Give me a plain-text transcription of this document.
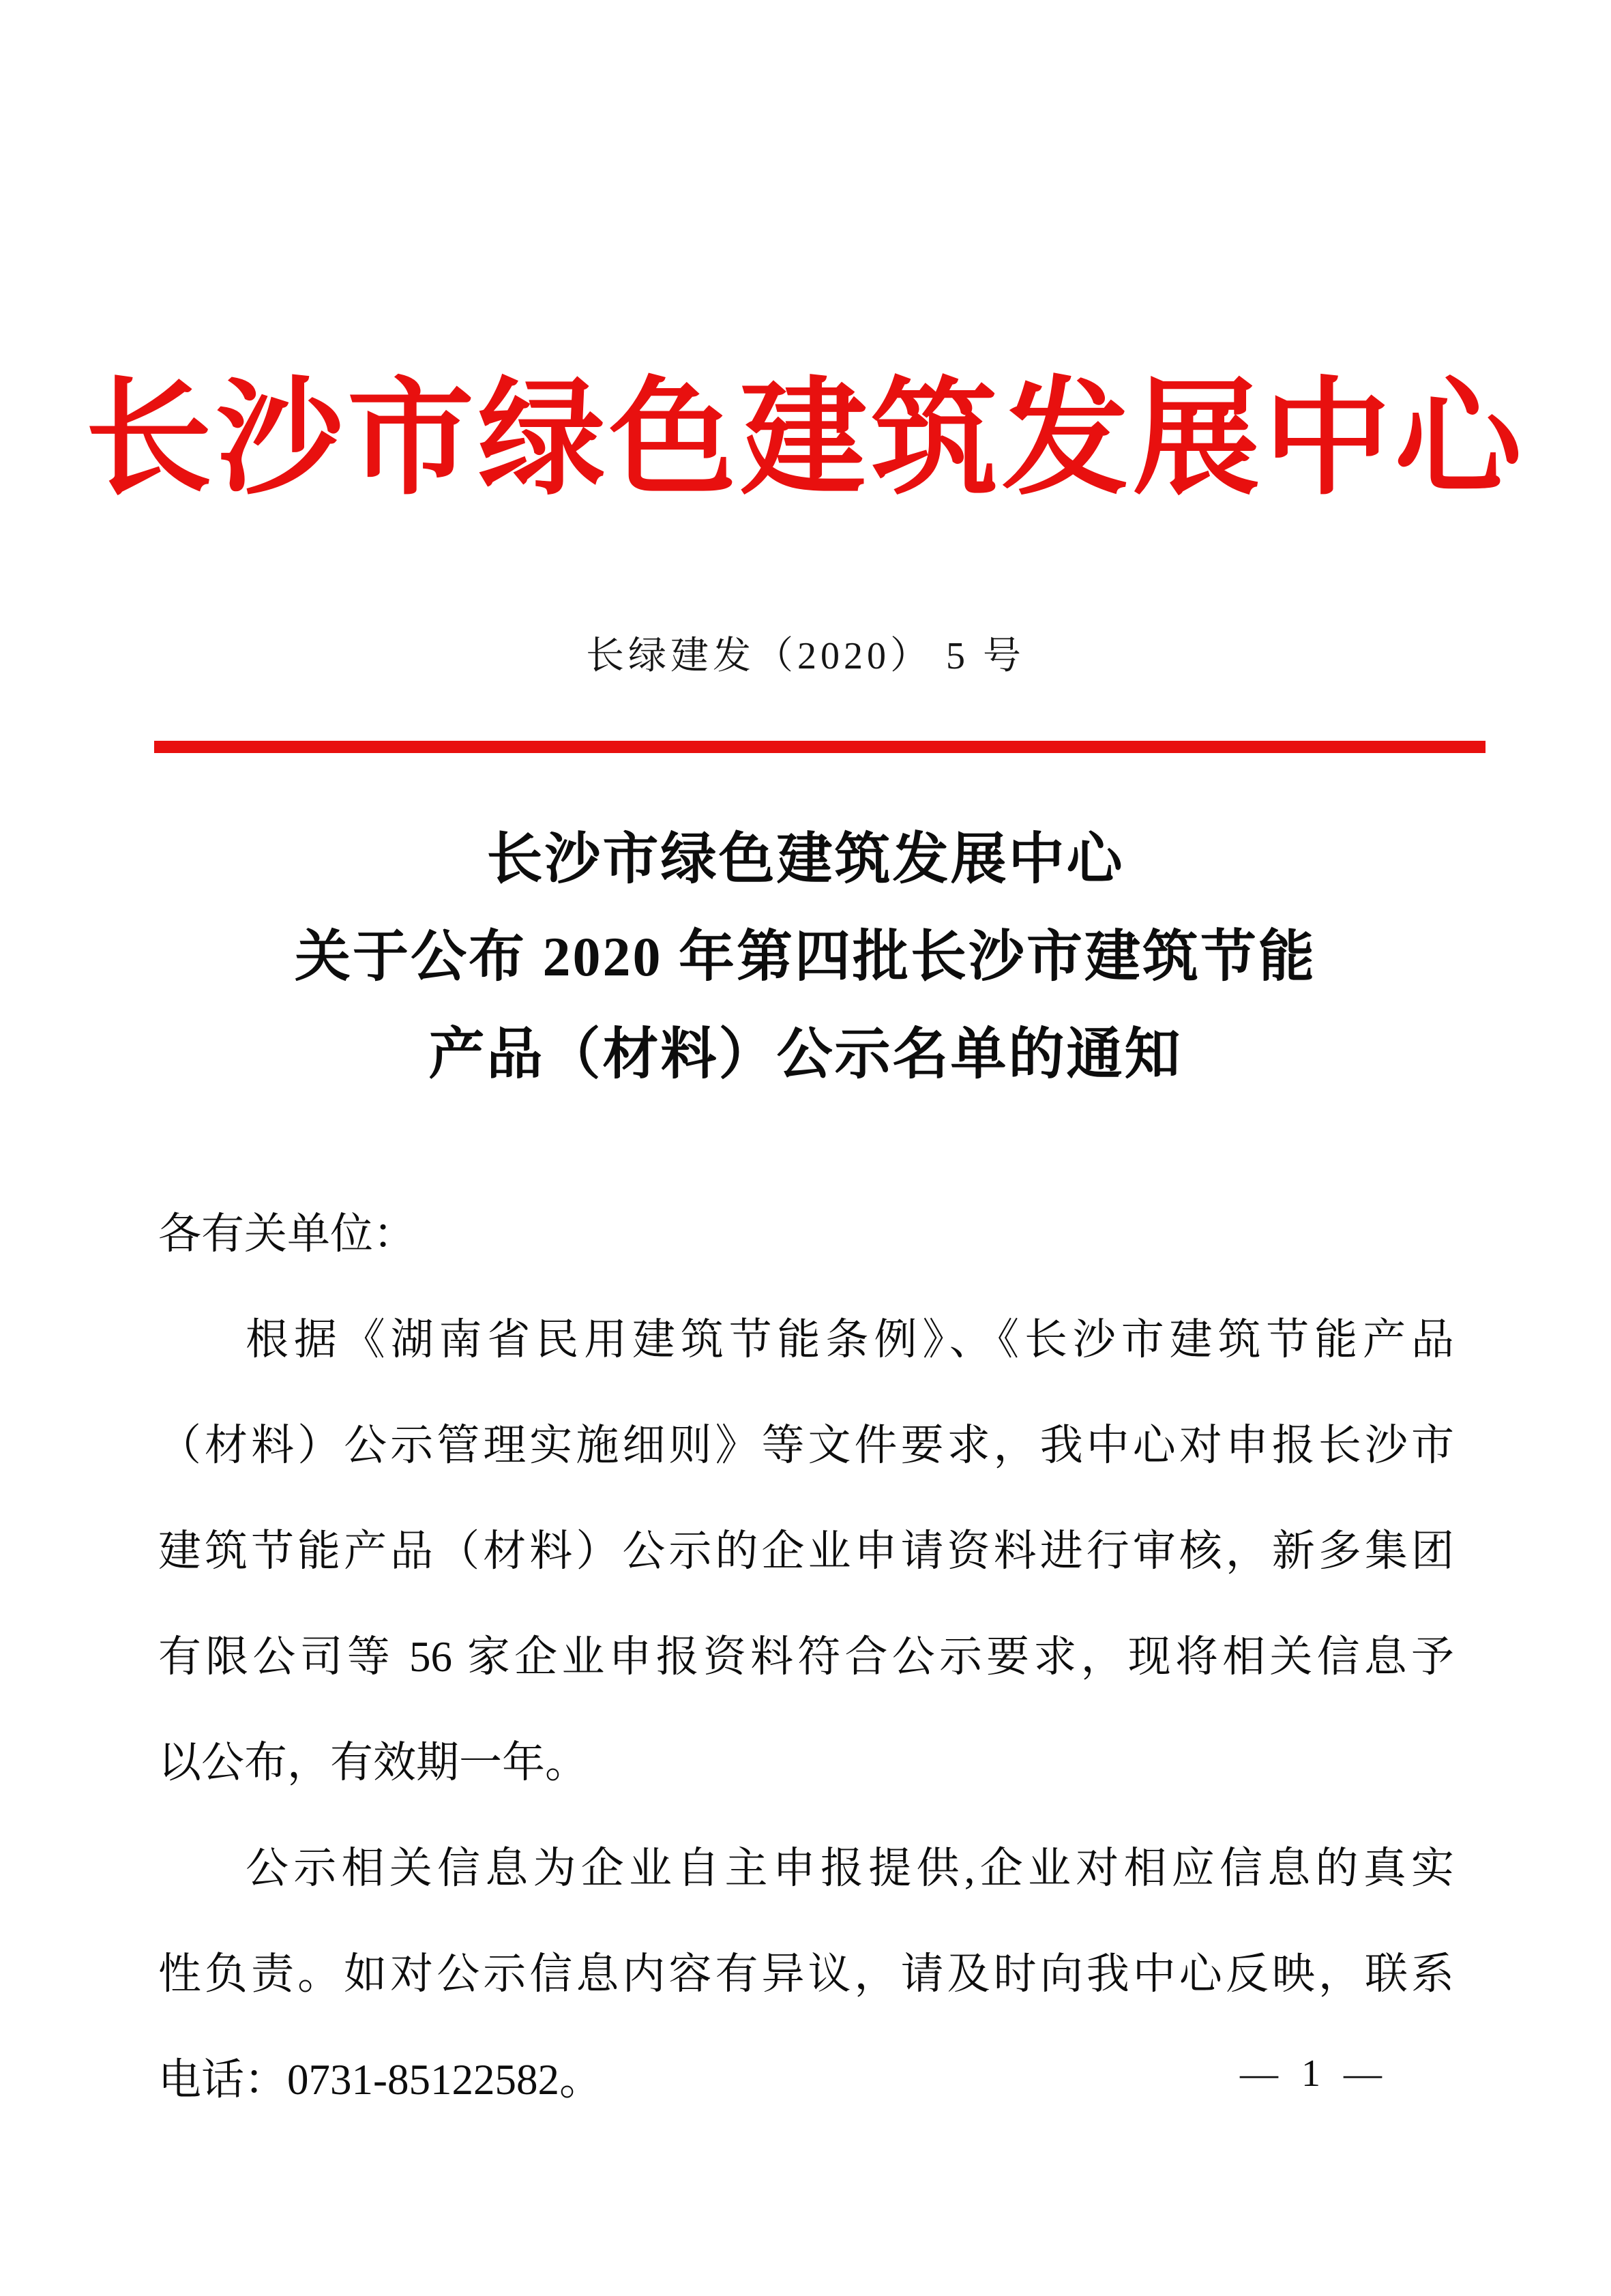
长沙市绿色建筑发展中心
长绿建发（2020） 5 号
长沙市绿色建筑发展中心
关于公布 2020 年第四批长沙市建筑节能
产品（材料）公示名单的通知
各有关单位：
根据《湖南省民用建筑节能条例》、《长沙市建筑节能产品
（材料）公示管理实施细则》等文件要求，我中心对申报长沙市
建筑节能产品（材料）公示的企业申请资料进行审核，新多集团
有限公司等 56 家企业申报资料符合公示要求，现将相关信息予
以公布，有效期一年。
公示相关信息为企业自主申报提供,企业对相应信息的真实
性负责。如对公示信息内容有异议，请及时向我中心反映，联系
电话：0731-85122582。	— 1 —
